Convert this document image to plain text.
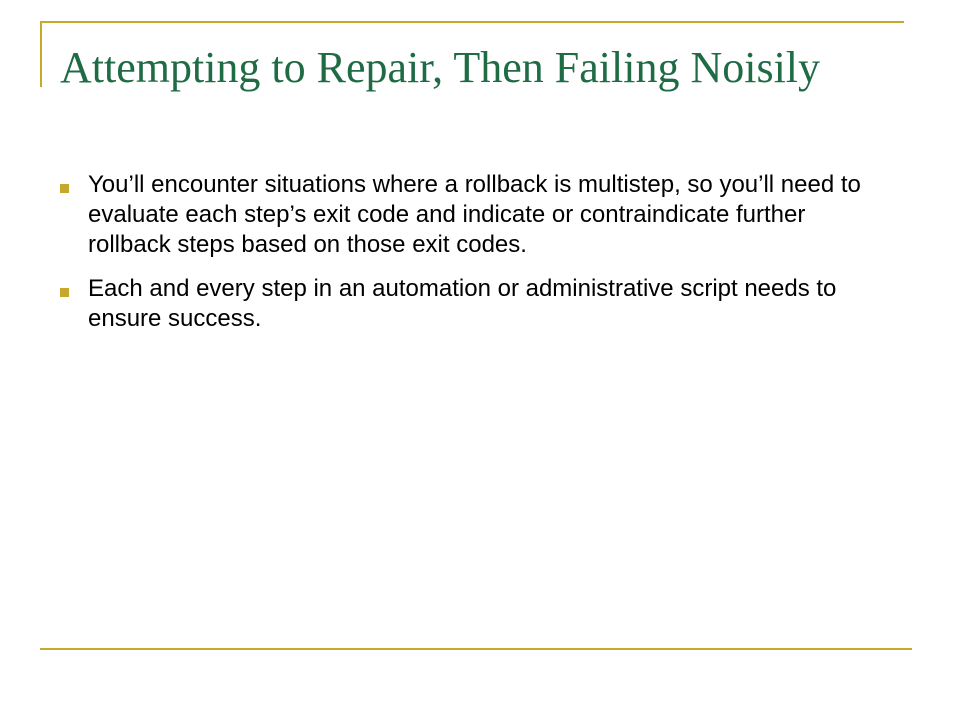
Attempting to Repair, Then Failing Noisily
You’ll encounter situations where a rollback is multistep, so you’ll need to evaluate each step’s exit code and indicate or contraindicate further rollback steps based on those exit codes.
Each and every step in an automation or administrative script needs to ensure success.
